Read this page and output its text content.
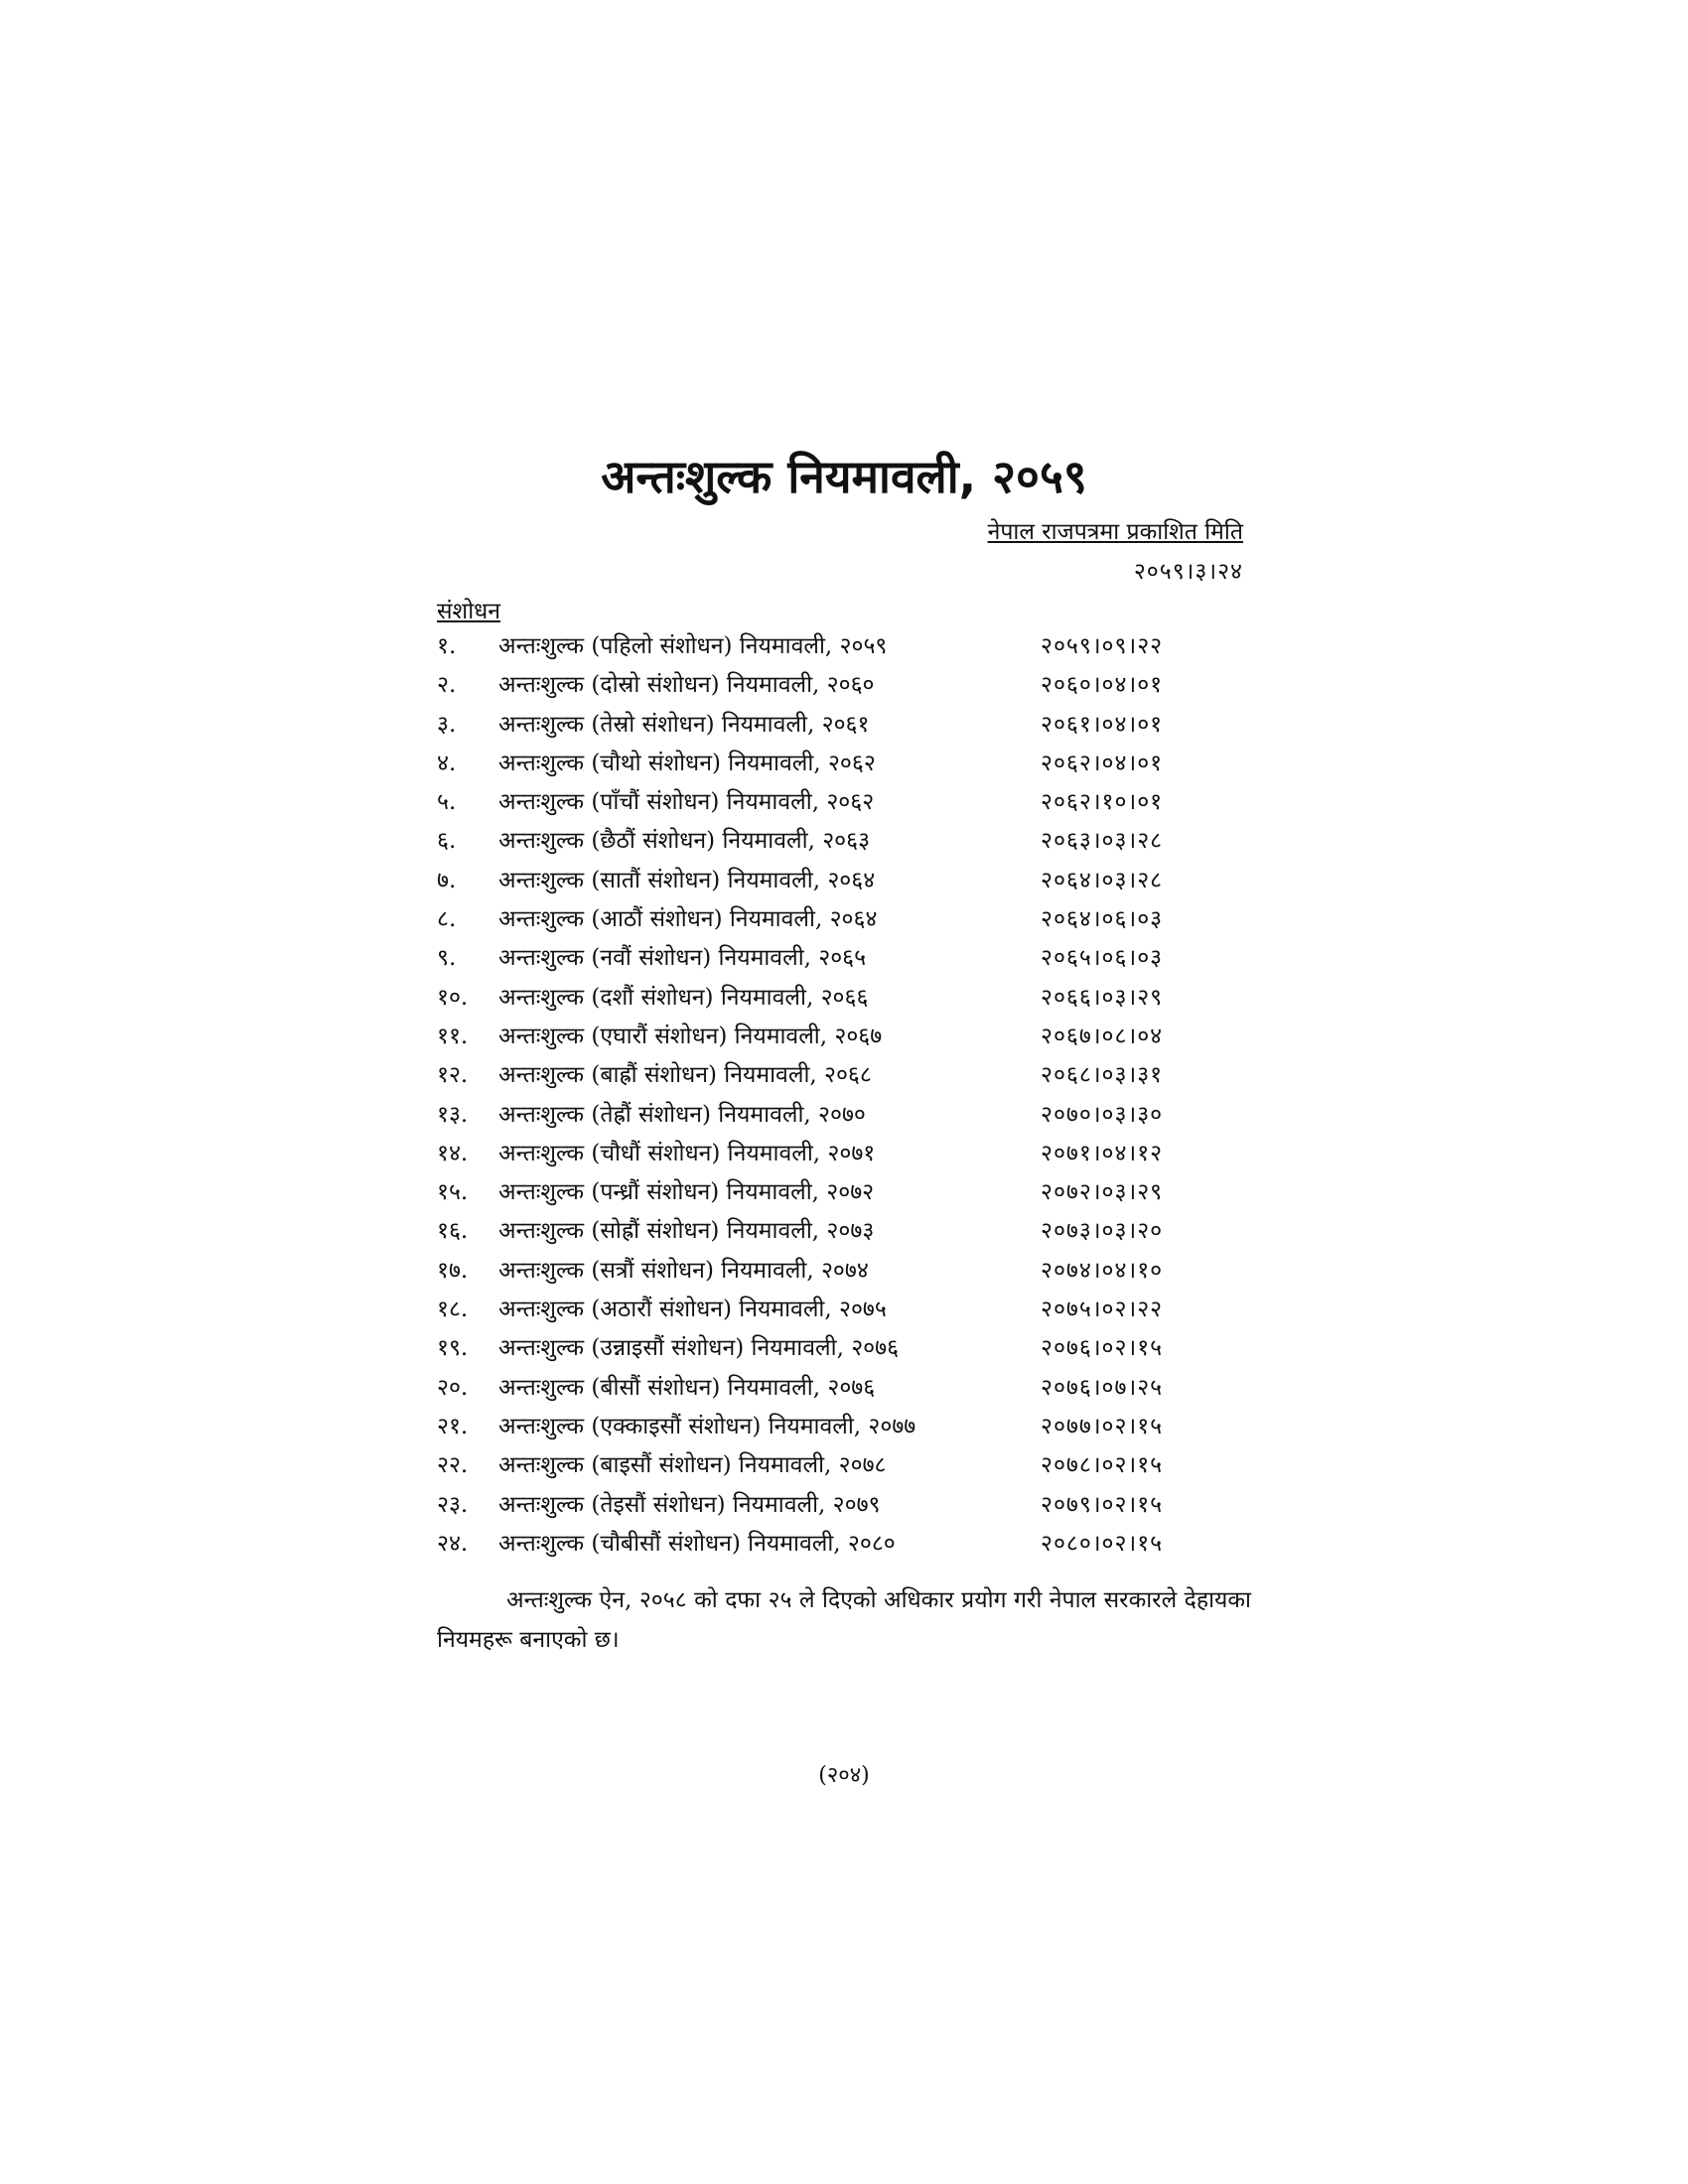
अन्तःशुल्क नियमावली, २०५९
नेपाल राजपत्रमा प्रकाशित मिति
२०५९।३।२४
संशोधन
१. अन्तःशुल्क (पहिलो संशोधन) नियमावली, २०५९	२०५९।०९।२२
२. अन्तःशुल्क (दोस्रो संशोधन) नियमावली, २०६०	२०६०।०४।०१
३. अन्तःशुल्क (तेस्रो संशोधन) नियमावली, २०६१	२०६१।०४।०१
४. अन्तःशुल्क (चौथो संशोधन) नियमावली, २०६२	२०६२।०४।०१
५. अन्तःशुल्क (पाँचौं संशोधन) नियमावली, २०६२	२०६२।१०।०१
६. अन्तःशुल्क (छैठौं संशोधन) नियमावली, २०६३	२०६३।०३।२८
७. अन्तःशुल्क (सातौं संशोधन) नियमावली, २०६४	२०६४।०३।२८
८. अन्तःशुल्क (आठौं संशोधन) नियमावली, २०६४	२०६४।०६।०३
९. अन्तःशुल्क (नवौं संशोधन) नियमावली, २०६५	२०६५।०६।०३
१०. अन्तःशुल्क (दशौं संशोधन) नियमावली, २०६६	२०६६।०३।२९
११. अन्तःशुल्क (एघारौं संशोधन) नियमावली, २०६७	२०६७।०८।०४
१२. अन्तःशुल्क (बाह्रौं संशोधन) नियमावली, २०६८	२०६८।०३।३१
१३. अन्तःशुल्क (तेह्रौं संशोधन) नियमावली, २०७०	२०७०।०३।३०
१४. अन्तःशुल्क (चौधौं संशोधन) नियमावली, २०७१	२०७१।०४।१२
१५. अन्तःशुल्क (पन्ध्रौं संशोधन) नियमावली, २०७२	२०७२।०३।२९
१६. अन्तःशुल्क (सोह्रौं संशोधन) नियमावली, २०७३	२०७३।०३।२०
१७. अन्तःशुल्क (सत्रौं संशोधन) नियमावली, २०७४	२०७४।०४।१०
१८. अन्तःशुल्क (अठारौं संशोधन) नियमावली, २०७५	२०७५।०२।२२
१९. अन्तःशुल्क (उन्नाइसौं संशोधन) नियमावली, २०७६	२०७६।०२।१५
२०. अन्तःशुल्क (बीसौं संशोधन) नियमावली, २०७६	२०७६।०७।२५
२१. अन्तःशुल्क (एक्काइसौं संशोधन) नियमावली, २०७७	२०७७।०२।१५
२२. अन्तःशुल्क (बाइसौं संशोधन) नियमावली, २०७८	२०७८।०२।१५
२३. अन्तःशुल्क (तेइसौं संशोधन) नियमावली, २०७९	२०७९।०२।१५
२४. अन्तःशुल्क (चौबीसौं संशोधन) नियमावली, २०८०	२०८०।०२।१५

अन्तःशुल्क ऐन, २०५८ को दफा २५ ले दिएको अधिकार प्रयोग गरी नेपाल सरकारले देहायका नियमहरू बनाएको छ।

(२०४)
